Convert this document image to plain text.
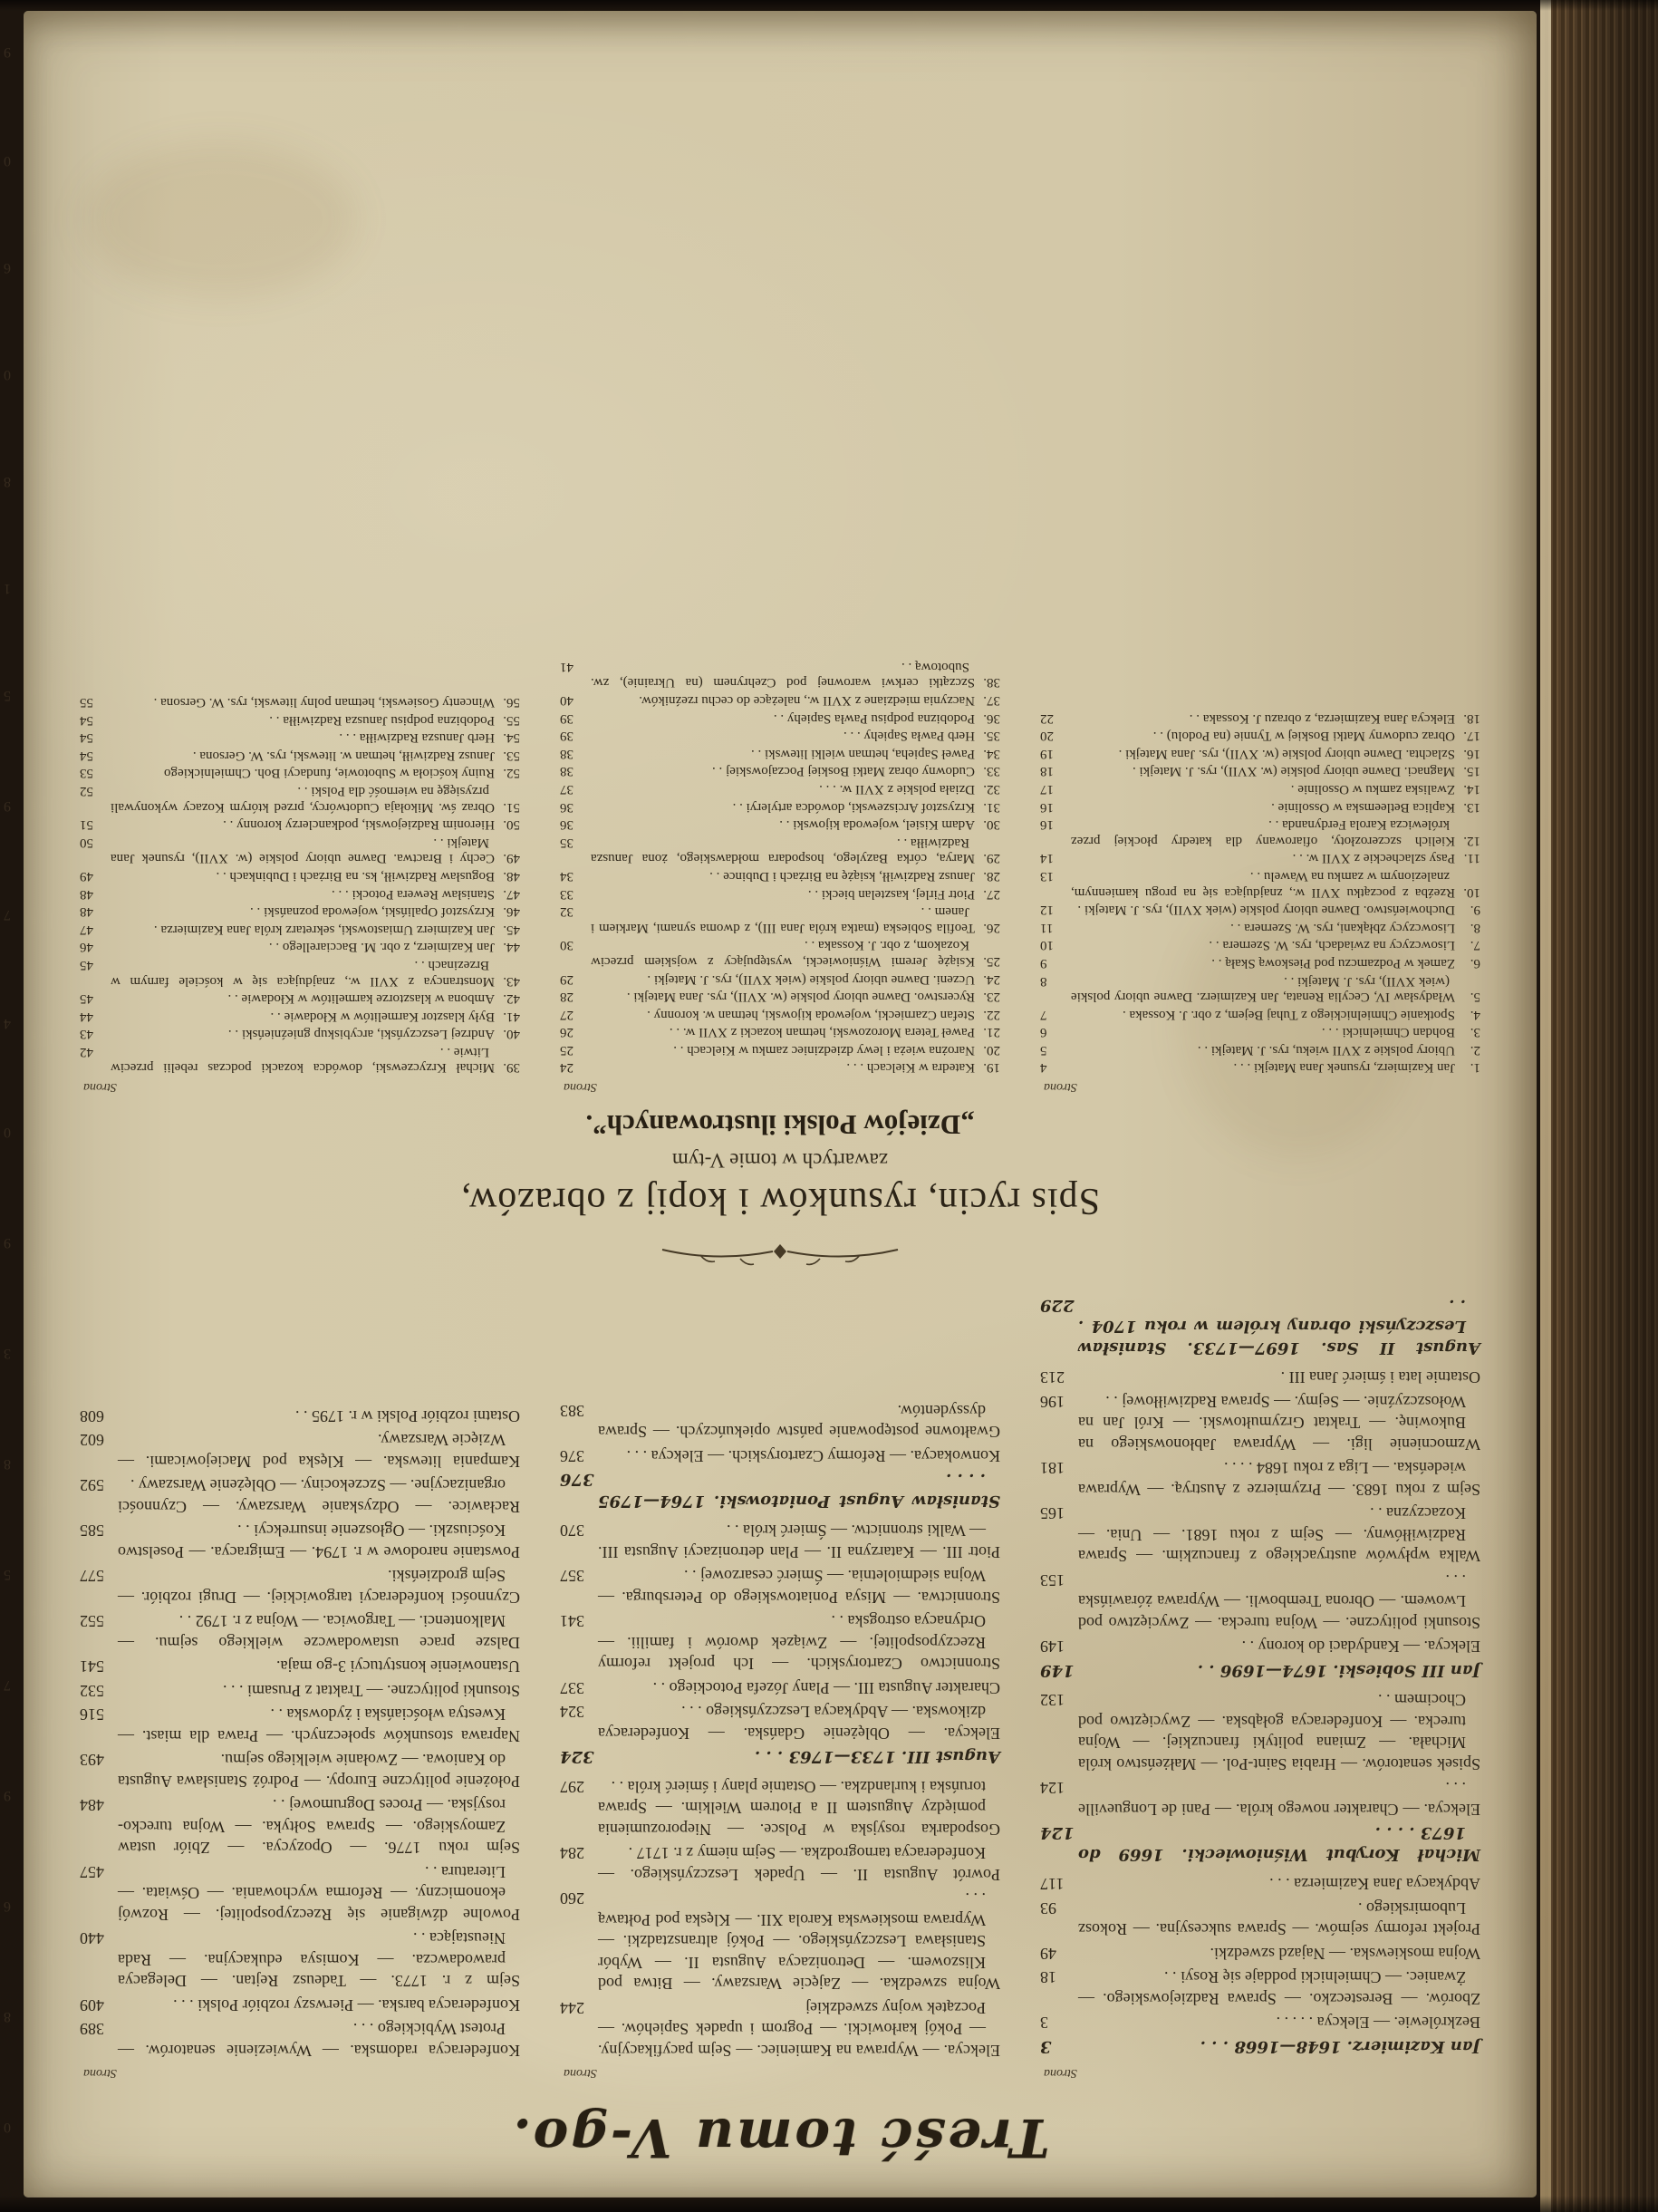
Treść tomu V-go.
Strona
Jan Kazimierz. 1648—1668 . . .
3
Bezkrólewie. — Elekcya . . . . .
3
Zborów. — Beresteczko. — Sprawa Radziejowskiego. — Żwaniec. — Chmielnicki poddaje się Rosyi . .
18
Wojna moskiewska. — Najazd szwedzki.
49
Projekt reformy sejmów. — Sprawa sukcesyjna. — Rokosz Lubomirskiego .
93
Abdykacya Jana Kazimierza . . .
117
Michał Korybut Wiśniowiecki. 1669 do 1673 . . . .
124
Elekcya. — Charakter nowego króla. — Pani de Longueville . . .
124
Spisek senatorów. — Hrabia Saint-Pol. — Małżeństwo króla Michała. — Zmiana polityki francuzkiej. — Wojna turecka. — Konfederacya gołąbska. — Zwycięztwo pod Chocimem . .
132
Jan III Sobieski. 1674—1696 . .
149
Elekcya. — Kandydaci do korony . .
149
Stosunki polityczne. — Wojna turecka. — Zwycięztwo pod Lwowem. — Obrona Trembowli. — Wyprawa żórawińska . . .
153
Walka wpływów austryackiego z francuzkim. — Sprawa Radziwiłłówny. — Sejm z roku 1681. — Unia. — Kozaczyzna . .
165
Sejm z roku 1683. — Przymierze z Austryą. — Wyprawa wiedeńska. — Liga z roku 1684 . . . .
181
Wzmocnienie ligi. — Wyprawa Jabłonowskiego na Bukowinę. — Traktat Grzymułtowski. — Król Jan na Wołoszczyźnie. — Sejmy. — Sprawa Radziwiłłowej . .
196
Ostatnie lata i śmierć Jana III .
213
August II Sas. 1697—1733. Stanisław Leszczyński obrany królem w roku 1704 . . .
229
Strona
Elekcya. — Wyprawa na Kamieniec. — Sejm pacyfikacyjny. — Pokój karłowicki. — Pogrom i upadek Sapiehów. — Początek wojny szwedzkiej
244
Wojna szwedzka. — Zajęcie Warszawy. — Bitwa pod Kliszowem. — Detronizacya Augusta II. — Wybór Stanisława Leszczyńskiego. — Pokój altransztadzki. — Wyprawa moskiewska Karola XII. — Klęska pod Połtawą . . .
260
Powrót Augusta II. — Upadek Leszczyńskiego. — Konfederacya tarnogrodzka. — Sejm niemy z r. 1717 .
284
Gospodarka rosyjska w Polsce. — Nieporozumienia pomiędzy Augustem II a Piotrem Wielkim. — Sprawa toruńska i kurlandzka. — Ostatnie plany i śmierć króla . .
297
August III. 1733—1763 . . .
324
Elekcya. — Oblężenie Gdańska. — Konfederacya dzikowska. — Abdykacya Leszczyńskiego . . .
324
Charakter Augusta III. — Plany Józefa Potockiego . .
337
Stronnictwo Czartoryskich. — Ich projekt reformy Rzeczypospolitej. — Związek dworów i familii. — Ordynacya ostrogska . .
341
Stronnictwa. — Misya Poniatowskiego do Petersburga. — Wojna siedmioletnia. — Śmierć cesarzowej . .
357
Piotr III. — Katarzyna II. — Plan detronizacyi Augusta III. — Walki stronnictw. — Śmierć króla . .
370
Stanisław August Poniatowski. 1764—1795 . . . .
376
Konwokacya. — Reformy Czartoryskich. — Elekcya . . .
376
Gwałtowne postępowanie państw opiekuńczych. — Sprawa dyssydentów.
383
Strona
Konfederacya radomska. — Wywiezienie senatorów. — Protest Wybickiego . . .
389
Konfederacya barska. — Pierwszy rozbiór Polski . . .
409
Sejm z r. 1773. — Tadeusz Rejtan. — Delegacya prawodawcza. — Komisya edukacyjna. — Rada Nieustająca . .
440
Powolne dźwiganie się Rzeczypospolitej. — Rozwój ekonomiczny. — Reforma wychowania. — Oświata. — Literatura . .
457
Sejm roku 1776. — Opozycya. — Zbiór ustaw Zamoyskiego. — Sprawa Sołtyka. — Wojna turecko-rosyjska. — Proces Dogrumowej . .
484
Położenie polityczne Europy. — Podróż Stanisława Augusta do Kaniowa. — Zwołanie wielkiego sejmu.
493
Naprawa stosunków społecznych. — Prawa dla miast. — Kwestya włościańska i żydowska . .
516
Stosunki polityczne. — Traktat z Prusami . . .
532
Ustanowienie konstytucyi 3-go maja.
541
Dalsze prace ustawodawcze wielkiego sejmu. — Malkontenci. — Targowica. — Wojna z r. 1792 . .
552
Czynności konfederacyi targowickiej. — Drugi rozbiór. — Sejm grodzieński.
577
Powstanie narodowe w r. 1794. — Emigracya. — Poselstwo Kościuszki. — Ogłoszenie insurrekcyi . .
585
Racławice. — Odzyskanie Warszawy. — Czynności organizacyjne. — Szczekociny. — Oblężenie Warszawy .
592
Kampania litewska. — Klęska pod Maciejowicami. — Wzięcie Warszawy.
602
Ostatni rozbiór Polski w r. 1795 . .
608
Spis rycin, rysunków i kopij z obrazów,
zawartych w tomie V-tym
„Dziejów Polski ilustrowanych”.
Strona
1.Jan Kazimierz, rysunek Jana Matejki . . .
4
2.Ubiory polskie z XVII wieku, rys. J. Matejki . .
5
3.Bohdan Chmielnicki . . .
6
4.Spotkanie Chmielnickiego z Tuhaj Bejem, z obr. J. Kossaka .
7
5.Władysław IV, Cecylia Renata, Jan Kazimierz. Dawne ubiory polskie (wiek XVII), rys. J. Matejki . .
8
6.Zamek w Podzamczu pod Pieskową Skałą . .
9
7.Lisowczycy na zwiadach, rys. W. Szernera . .
10
8.Lisowczycy zbłąkani, rys. W. Szernera . .
11
9.Duchowieństwo. Dawne ubiory polskie (wiek XVII), rys. J. Matejki .
12
10.Rzeźba z początku XVII w., znajdująca się na progu kamiennym, znalezionym w zamku na Wawelu . .
13
11.Pasy szlacheckie z XVII w. . .
14
12.Kielich szczerozłoty, ofiarowany dla katedry płockiej przez królewicza Karola Ferdynanda . .
16
13.Kaplica Betleemska w Ossolinie .
16
14.Zwaliska zamku w Ossolinie .
17
15.Magnaci. Dawne ubiory polskie (w. XVII), rys. J. Matejki .
18
16.Szlachta. Dawne ubiory polskie (w. XVII), rys. Jana Matejki .
19
17.Obraz cudowny Matki Boskiej w Tynnie (na Podolu) . .
20
18.Elekcya Jana Kazimierza, z obrazu J. Kossaka . .
22
Strona
19.Katedra w Kielcach . . .
24
20.Narożna wieża i lewy dziedziniec zamku w Kielcach . .
25
21.Paweł Tetera Morozowski, hetman kozacki z XVII w. . .
26
22.Stefan Czarniecki, wojewoda kijowski, hetman w. koronny .
27
23.Rycerstwo. Dawne ubiory polskie (w. XVII), rys. Jana Matejki .
28
24.Uczeni. Dawne ubiory polskie (wiek XVII), rys. J. Matejki .
29
25.Książę Jeremi Wiśniowiecki, występujący z wojskiem przeciw Kozakom, z obr. J. Kossaka . .
30
26.Teofila Sobieska (matka króla Jana III), z dwoma synami, Markiem i Janem . .
32
27.Piotr Firlej, kasztelan biecki . .
33
28.Janusz Radziwiłł, książę na Birżach i Dubince . .
34
29.Marya, córka Bazylego, hospodara mołdawskiego, żona Janusza Radziwiłła . .
35
30.Adam Kisiel, wojewoda kijowski . .
36
31.Krzysztof Arciszewski, dowódca artyleryi . .
36
32.Działa polskie z XVII w. . . .
37
33.Cudowny obraz Matki Boskiej Poczajowskiej . .
38
34.Paweł Sapieha, hetman wielki litewski . .
38
35.Herb Pawła Sapiehy . . .
39
36.Podobizna podpisu Pawła Sapiehy . .
39
37.Naczynia miedziane z XVII w., należące do cechu rzeźników.
40
38.Szczątki cerkwi warownej pod Czehrynem (na Ukrainie), zw. Subotową . .
41
Strona
39.Michał Krzyczewski, dowódca kozacki podczas rebelii przeciw Litwie . .
42
40.Andrzej Leszczyński, arcybiskup gnieźnieński . .
43
41.Były klasztor Karmelitów w Kłodawie . .
44
42.Ambona w klasztorze karmelitów w Kłodawie . .
45
43.Monstrancya z XVII w., znajdująca się w kościele farnym w Brzezinach . .
45
44.Jan Kazimierz, z obr. M. Bacciarellego . .
46
45.Jan Kazimierz Umiastowski, sekretarz króla Jana Kazimierza .
47
46.Krzysztof Opaliński, wojewoda poznański . .
48
47.Stanisław Rewera Potocki . . .
48
48.Bogusław Radziwiłł, ks. na Birżach i Dubinkach . .
49
49.Cechy i Bractwa. Dawne ubiory polskie (w. XVII), rysunek Jana Matejki . .
50
50.Hieronim Radziejowski, podkanclerzy koronny . .
51
51.Obraz św. Mikołaja Cudotwórcy, przed którym Kozacy wykonywali przysięgę na wierność dla Polski . .
52
52.Ruiny kościoła w Subotowie, fundacyi Boh. Chmielnickiego
53
53.Janusz Radziwiłł, hetman w. litewski, rys. W. Gersona .
54
54.Herb Janusza Radziwiłła . . .
54
55.Podobizna podpisu Janusza Radziwiłła . .
54
56.Wincenty Gosiewski, hetman polny litewski, rys. W. Gersona .
55
9
0
6
0
8
1
5
9
7
4
0
9
3
8
5
7
9
6
8
0
